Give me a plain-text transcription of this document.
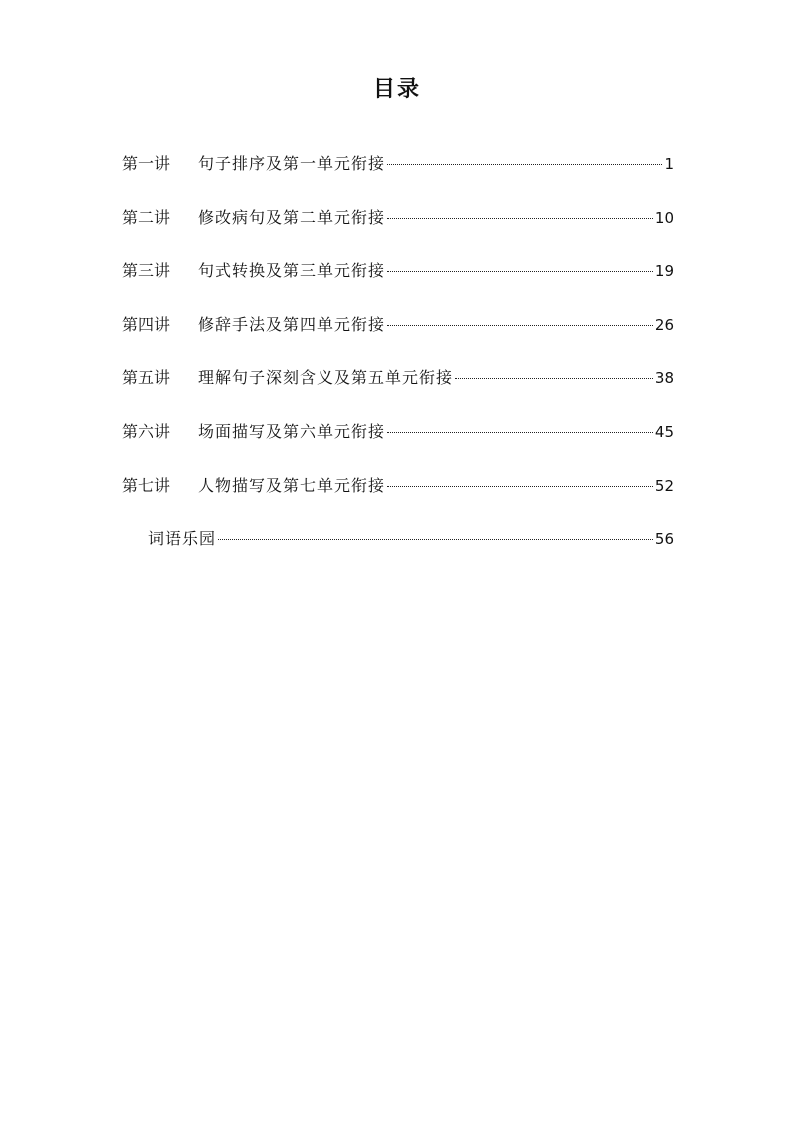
目录
第一讲	句子排序及第一单元衔接	1
第二讲	修改病句及第二单元衔接	10
第三讲	句式转换及第三单元衔接	19
第四讲	修辞手法及第四单元衔接	26
第五讲	理解句子深刻含义及第五单元衔接	38
第六讲	场面描写及第六单元衔接	45
第七讲	人物描写及第七单元衔接	52
词语乐园	56
